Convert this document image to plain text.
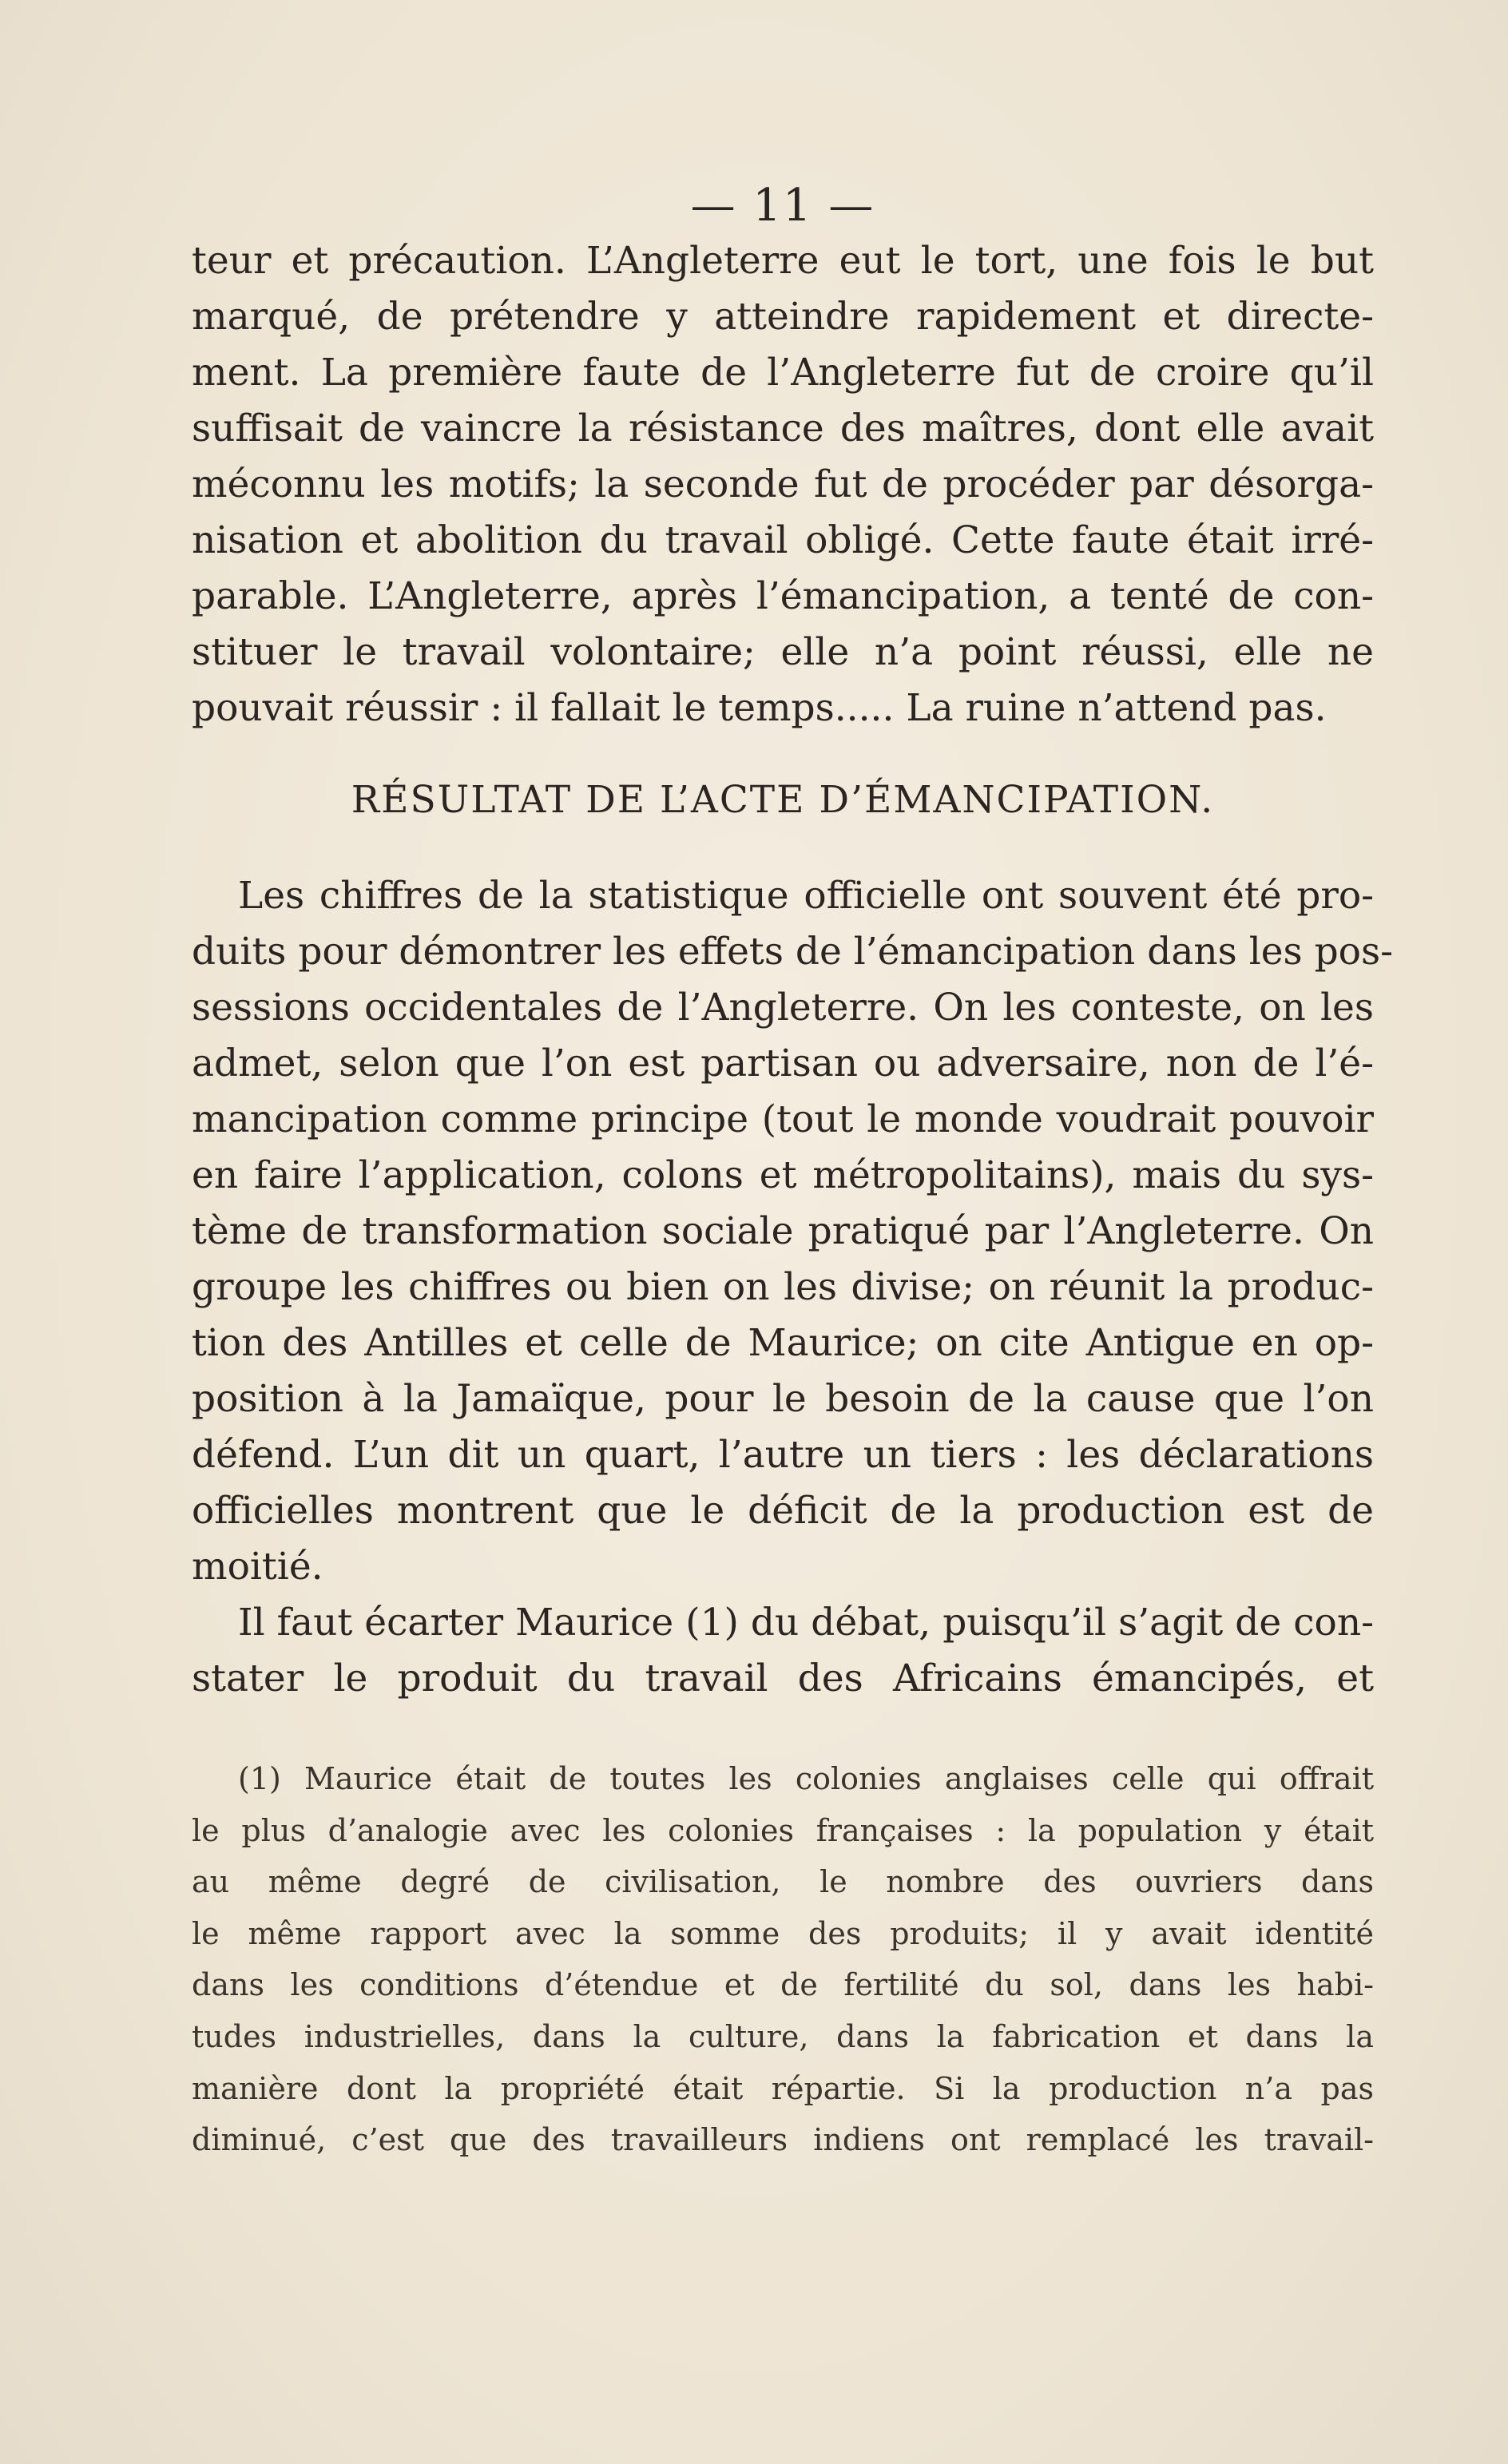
— 11 —
teur et précaution. L’Angleterre eut le tort, une fois le but
marqué, de prétendre y atteindre rapidement et directe-
ment. La première faute de l’Angleterre fut de croire qu’il
suffisait de vaincre la résistance des maîtres, dont elle avait
méconnu les motifs; la seconde fut de procéder par désorga-
nisation et abolition du travail obligé. Cette faute était irré-
parable. L’Angleterre, après l’émancipation, a tenté de con-
stituer le travail volontaire; elle n’a point réussi, elle ne
pouvait réussir : il fallait le temps..... La ruine n’attend pas.
RÉSULTAT DE L’ACTE D’ÉMANCIPATION.
Les chiffres de la statistique officielle ont souvent été pro-
duits pour démontrer les effets de l’émancipation dans les pos-
sessions occidentales de l’Angleterre. On les conteste, on les
admet, selon que l’on est partisan ou adversaire, non de l’é-
mancipation comme principe (tout le monde voudrait pouvoir
en faire l’application, colons et métropolitains), mais du sys-
tème de transformation sociale pratiqué par l’Angleterre. On
groupe les chiffres ou bien on les divise; on réunit la produc-
tion des Antilles et celle de Maurice; on cite Antigue en op-
position à la Jamaïque, pour le besoin de la cause que l’on
défend. L’un dit un quart, l’autre un tiers : les déclarations
officielles montrent que le déficit de la production est de
moitié.
Il faut écarter Maurice (1) du débat, puisqu’il s’agit de con-
stater le produit du travail des Africains émancipés, et
(1) Maurice était de toutes les colonies anglaises celle qui offrait
le plus d’analogie avec les colonies françaises : la population y était
au même degré de civilisation, le nombre des ouvriers dans
le même rapport avec la somme des produits; il y avait identité
dans les conditions d’étendue et de fertilité du sol, dans les habi-
tudes industrielles, dans la culture, dans la fabrication et dans la
manière dont la propriété était répartie. Si la production n’a pas
diminué, c’est que des travailleurs indiens ont remplacé les travail-
